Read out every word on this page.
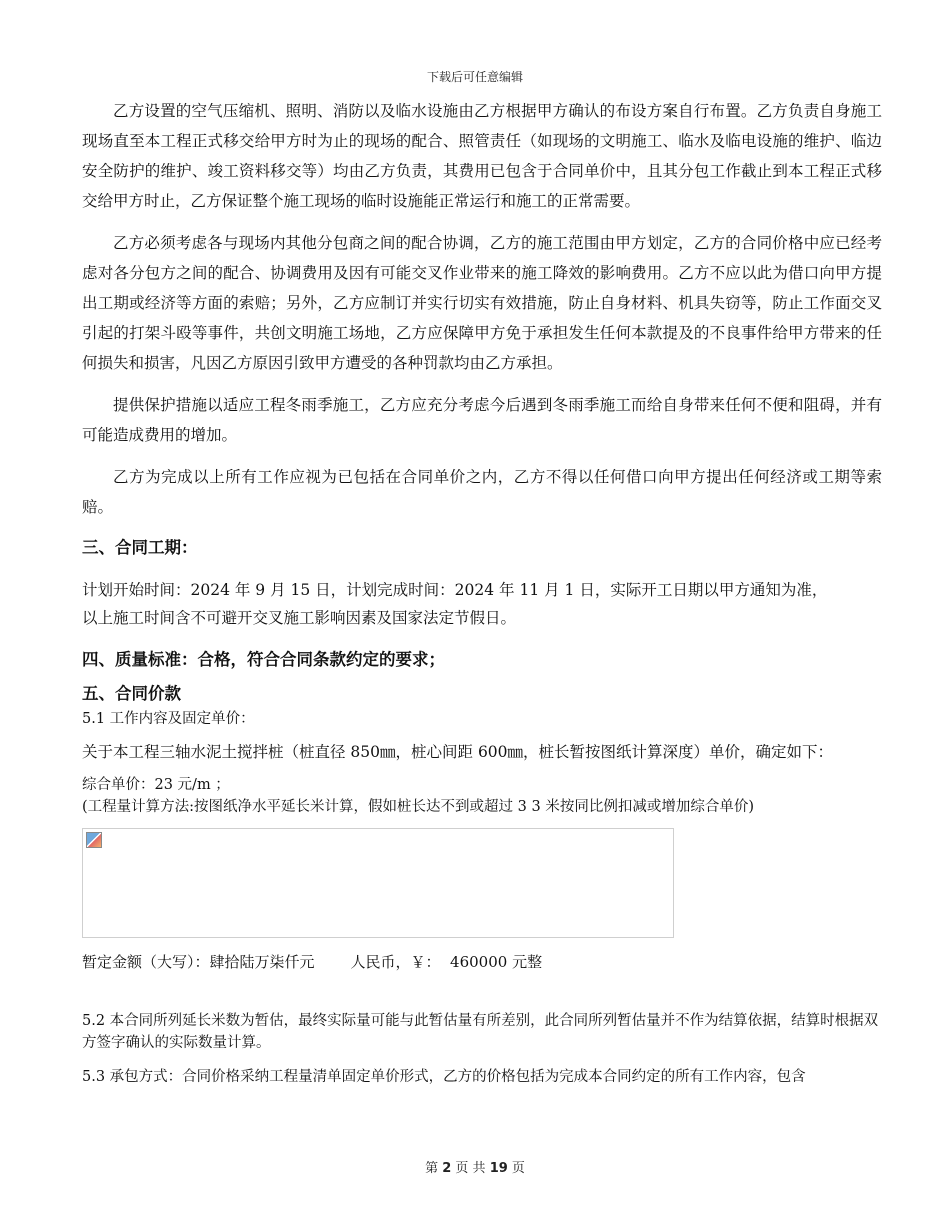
下载后可任意编辑

乙方设置的空气压缩机、照明、消防以及临水设施由乙方根据甲方确认的布设方案自行布置。乙方负责自身施工现场直至本工程正式移交给甲方时为止的现场的配合、照管责任（如现场的文明施工、临水及临电设施的维护、临边安全防护的维护、竣工资料移交等）均由乙方负责，其费用已包含于合同单价中，且其分包工作截止到本工程正式移交给甲方时止，乙方保证整个施工现场的临时设施能正常运行和施工的正常需要。

乙方必须考虑各与现场内其他分包商之间的配合协调，乙方的施工范围由甲方划定，乙方的合同价格中应已经考虑对各分包方之间的配合、协调费用及因有可能交叉作业带来的施工降效的影响费用。乙方不应以此为借口向甲方提出工期或经济等方面的索赔；另外，乙方应制订并实行切实有效措施，防止自身材料、机具失窃等，防止工作面交叉引起的打架斗殴等事件，共创文明施工场地，乙方应保障甲方免于承担发生任何本款提及的不良事件给甲方带来的任何损失和损害，凡因乙方原因引致甲方遭受的各种罚款均由乙方承担。

提供保护措施以适应工程冬雨季施工，乙方应充分考虑今后遇到冬雨季施工而给自身带来任何不便和阻碍，并有可能造成费用的增加。

乙方为完成以上所有工作应视为已包括在合同单价之内，乙方不得以任何借口向甲方提出任何经济或工期等索赔。

三、合同工期：

计划开始时间：2024 年 9 月 15 日，计划完成时间：2024 年 11 月 1 日，实际开工日期以甲方通知为准，

以上施工时间含不可避开交叉施工影响因素及国家法定节假日。

四、质量标准：合格，符合合同条款约定的要求；

五、合同价款

5.1 工作内容及固定单价：

关于本工程三轴水泥土搅拌桩（桩直径 850㎜，桩心间距 600㎜，桩长暂按图纸计算深度）单价，确定如下：

综合单价：23 元/m ；

(工程量计算方法:按图纸净水平延长米计算，假如桩长达不到或超过 3 3 米按同比例扣减或增加综合单价)

暂定金额（大写）：肆拾陆万柒仟元 人民币，￥：  460000 元整

5.2 本合同所列延长米数为暂估，最终实际量可能与此暂估量有所差别，此合同所列暂估量并不作为结算依据，结算时根据双方签字确认的实际数量计算。

5.3 承包方式：合同价格采纳工程量清单固定单价形式，乙方的价格包括为完成本合同约定的所有工作内容，包含

第 2 页 共 19 页
